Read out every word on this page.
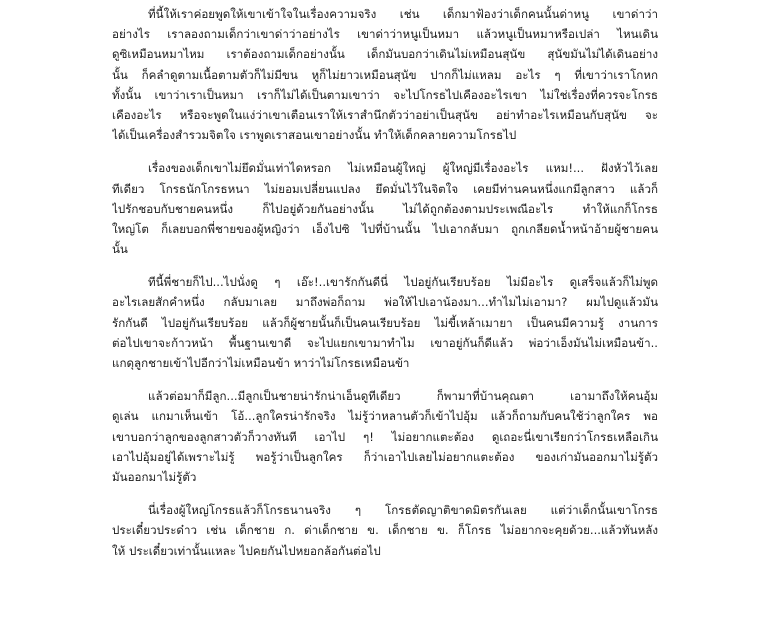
ที่นี้ให้เราค่อยพูดให้เขาเข้าใจในเรื่องความจริง เช่น เด็กมาฟ้องว่าเด็กคนนั้นด่าหนู เขาด่าว่า
อย่างไร เราลองถามเด็กว่าเขาด่าว่าอย่างไร เขาด่าว่าหนูเป็นหมา แล้วหนูเป็นหมาหรือเปล่า ไหนเดิน
ดูซิเหมือนหมาไหม เราต้องถามเด็กอย่างนั้น เด็กมันบอกว่าเดินไม่เหมือนสุนัข สุนัขมันไม่ได้เดินอย่าง
นั้น ก็คลำดูตามเนื้อตามตัวก็ไม่มีขน หูก็ไม่ยาวเหมือนสุนัข ปากก็ไม่แหลม อะไร ๆ ที่เขาว่าเราโกหก
ทั้งนั้น เขาว่าเราเป็นหมา เราก็ไม่ได้เป็นตามเขาว่า จะไปโกรธไปเคืองอะไรเขา ไม่ใช่เรื่องที่ควรจะโกรธ
เคืองอะไร หรือจะพูดในแง่ว่าเขาเตือนเราให้เราสำนึกตัวว่าอย่าเป็นสุนัข อย่าทำอะไรเหมือนกับสุนัข จะ
ได้เป็นเครื่องสำรวมจิตใจ เราพูดเราสอนเขาอย่างนั้น ทำให้เด็กคลายความโกรธไป
เรื่องของเด็กเขาไม่ยึดมั่นเท่าไดหรอก ไม่เหมือนผู้ใหญ่ ผู้ใหญ่มีเรื่องอะไร แหม!... ฝังหัวไว้เลย
ทีเดียว โกรธนักโกรธหนา ไม่ยอมเปลี่ยนแปลง ยึดมั่นไว้ในจิตใจ เคยมีท่านคนหนึ่งแกมีลูกสาว แล้วก็
ไปรักชอบกับชายคนหนึ่ง ก็ไปอยู่ด้วยกันอย่างนั้น ไม่ได้ถูกต้องตามประเพณีอะไร ทำให้แกก็โกรธ
ใหญ่โต ก็เลยบอกพี่ชายของผู้หญิงว่า เอ็งไปซิ ไปที่บ้านนั้น ไปเอากลับมา ถูกเกลียดน้ำหน้าอ้ายผู้ชายคน
นั้น
ทีนี้พี่ชายก็ไป...ไปนั่งดู ๆ เอ๊ะ!..เขารักกันดีนี่ ไปอยู่กันเรียบร้อย ไม่มีอะไร ดูเสร็จแล้วก็ไม่พูด
อะไรเลยสักคำหนึ่ง กลับมาเลย มาถึงพ่อก็ถาม พ่อให้ไปเอาน้องมา...ทำไมไม่เอามา? ผมไปดูแล้วมัน
รักกันดี ไปอยู่กันเรียบร้อย แล้วก็ผู้ชายนั้นก็เป็นคนเรียบร้อย ไม่ขี้เหล้าเมายา เป็นคนมีความรู้ งานการ
ต่อไปเขาจะก้าวหน้า พื้นฐานเขาดี จะไปแยกเขามาทำไม เขาอยู่กันก็ดีแล้ว พ่อว่าเอ็งมันไม่เหมือนข้า..
แกดุลูกชายเข้าไปอีกว่าไม่เหมือนข้า หาว่าไม่โกรธเหมือนข้า
แล้วต่อมาก็มีลูก...มีลูกเป็นชายน่ารักน่าเอ็นดูทีเดียว ก็พามาที่บ้านคุณตา เอามาถึงให้คนอุ้ม
ดูเล่น แกมาเห็นเข้า โอ้...ลูกใครน่ารักจริง ไม่รู้ว่าหลานตัวก็เข้าไปอุ้ม แล้วก็ถามกับคนใช้ว่าลูกใคร พอ
เขาบอกว่าลูกของลูกสาวตัวก็วางทันที เอาไป ๆ! ไม่อยากแตะต้อง ดูเถอะนี่เขาเรียกว่าโกรธเหลือเกิน
เอาไปอุ้มอยู่ได้เพราะไม่รู้ พอรู้ว่าเป็นลูกใคร ก็ว่าเอาไปเลยไม่อยากแตะต้อง ของเก่ามันออกมาไม่รู้ตัว
มันออกมาไม่รู้ตัว
นี่เรื่องผู้ใหญ่โกรธแล้วก็โกรธนานจริง ๆ โกรธตัดญาติขาดมิตรกันเลย แต่ว่าเด็กนั้นเขาโกรธ
ประเดี๋ยวประด๋าว เช่น เด็กชาย ก. ด่าเด็กชาย ข. เด็กชาย ข. ก็โกรธ ไม่อยากจะคุยด้วย...แล้วทันหลัง
ให้ ประเดี๋ยวเท่านั้นแหละ ไปคยกันไปหยอกล้อกันต่อไป
